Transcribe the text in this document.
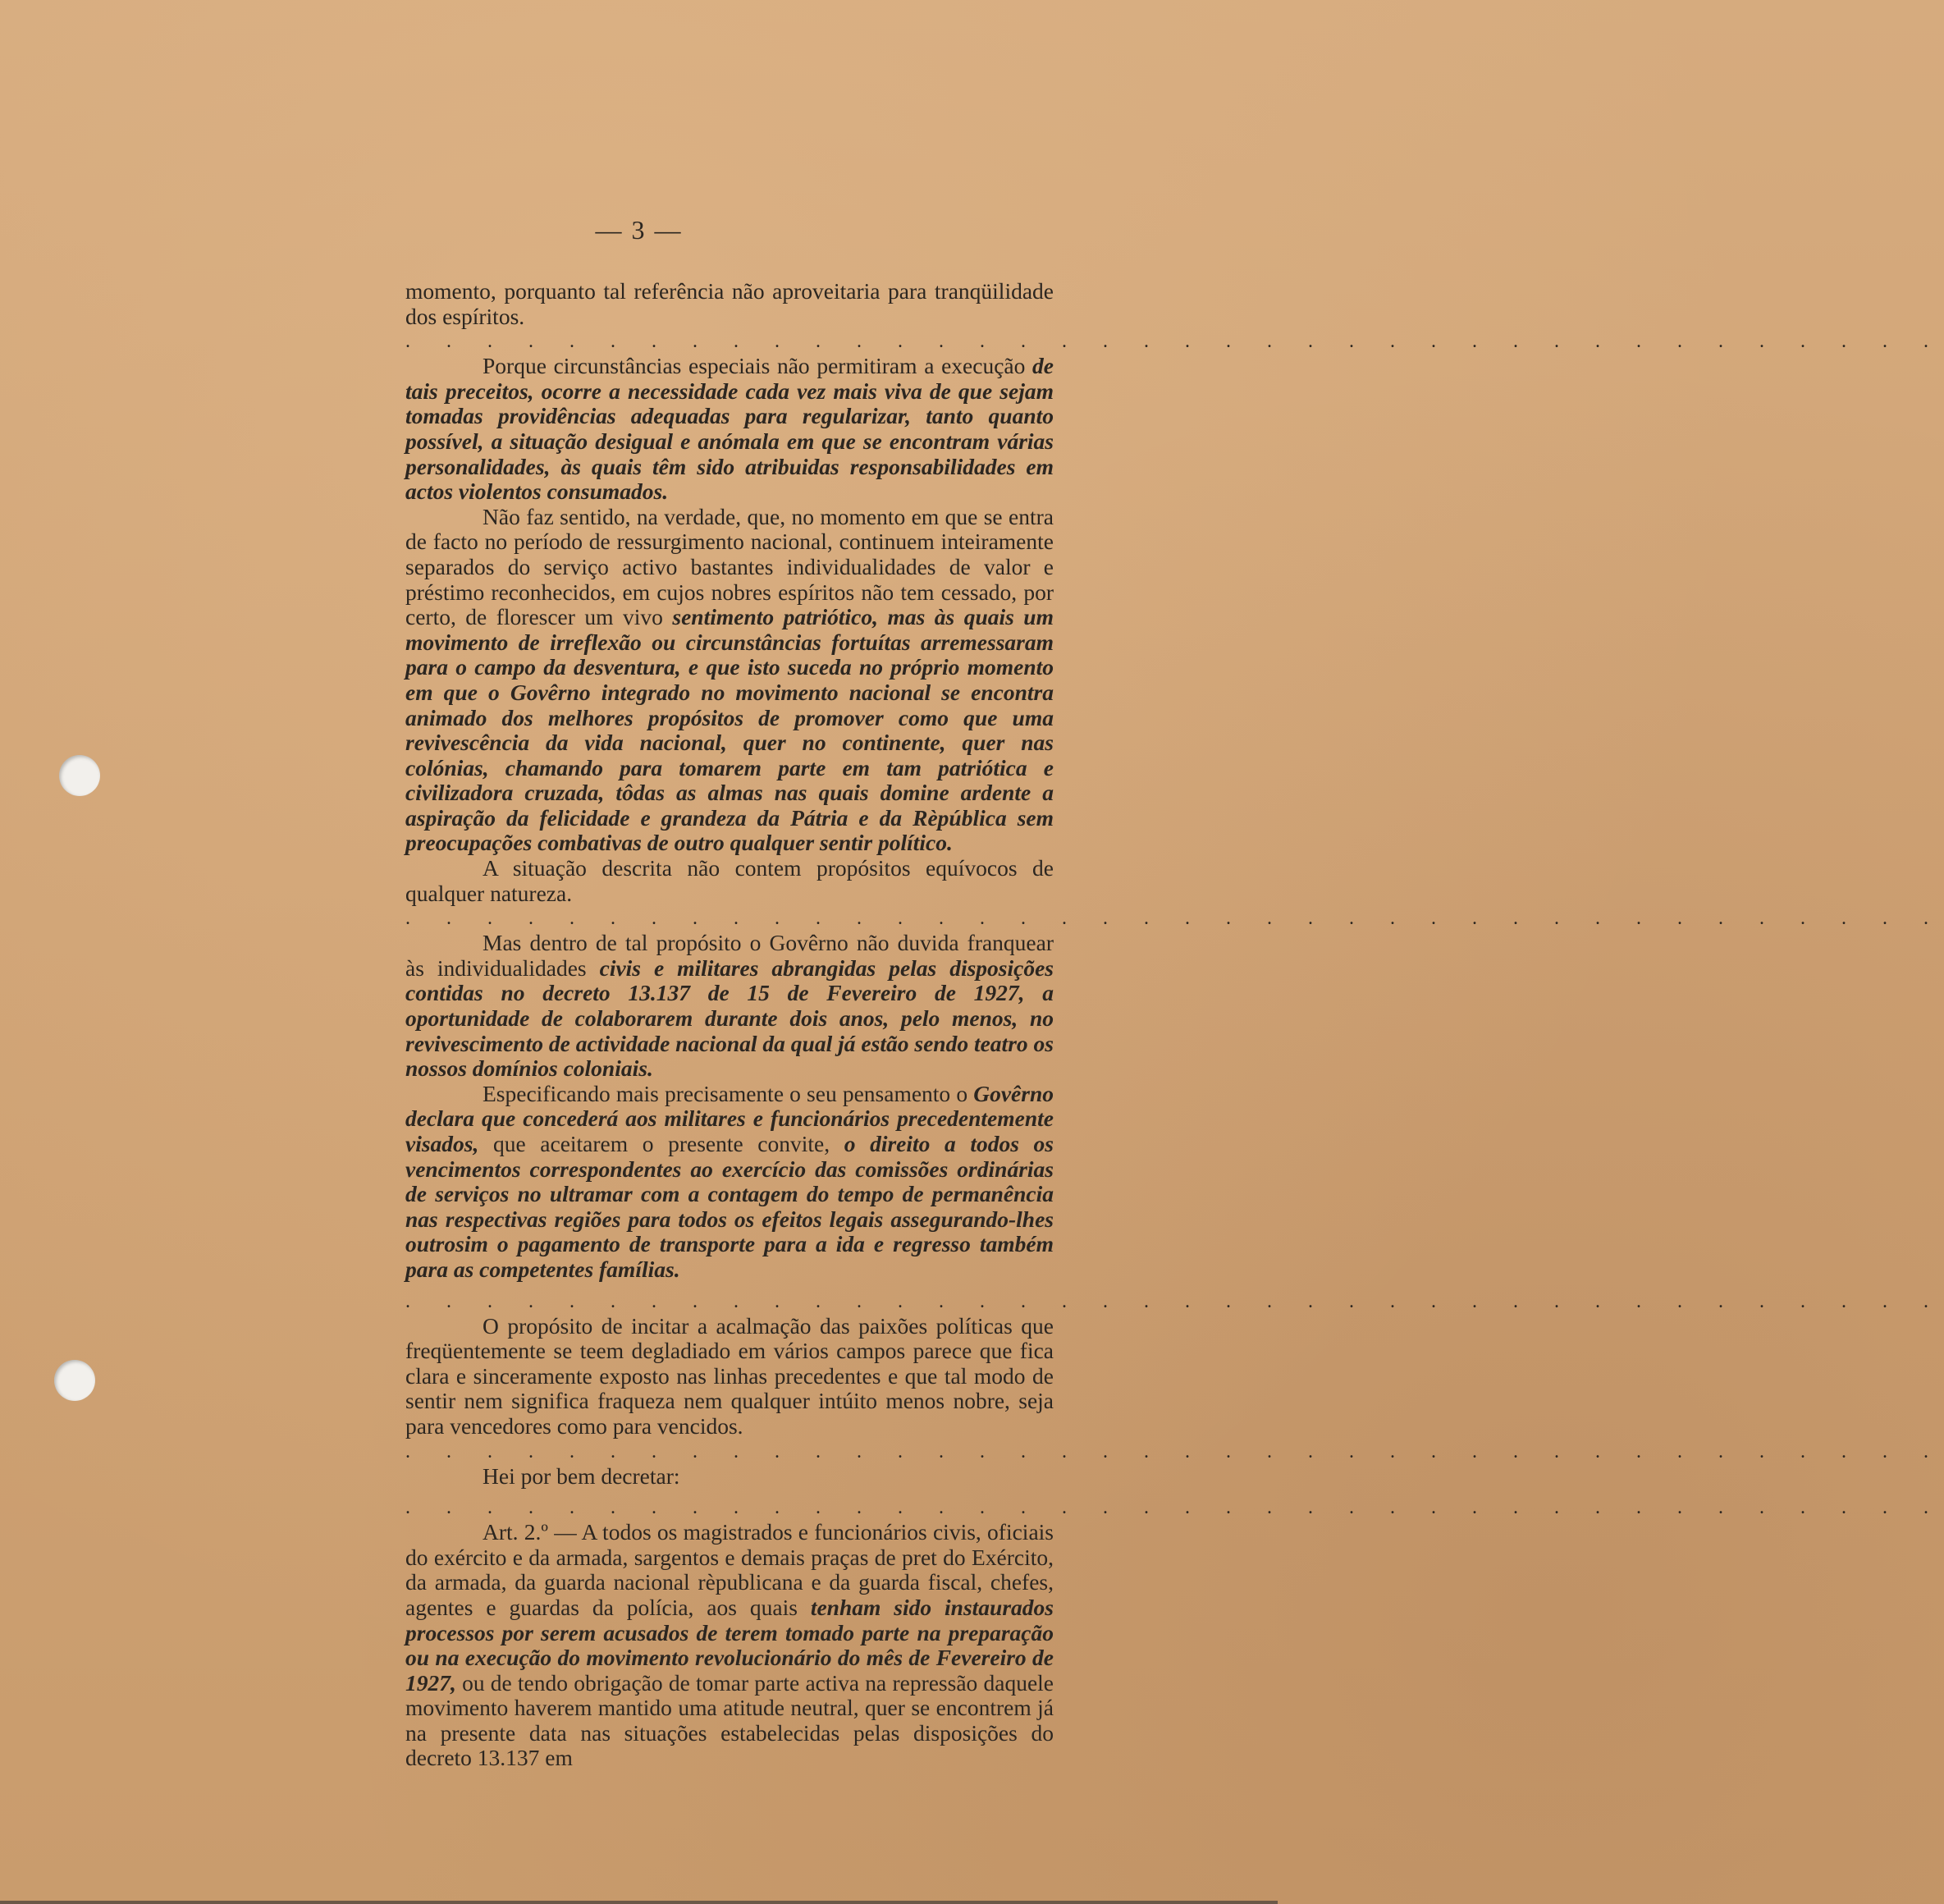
— 3 —

momento, porquanto tal referência não aproveitaria para tranqüilidade dos espíritos.

. . . . . . . . . . . . . . . . . . . . . . . . . . . . . . . . . . . . . .

Porque circunstâncias especiais não permitiram a execução de tais preceitos, ocorre a necessidade cada vez mais viva de que sejam tomadas providências adequadas para regularizar, tanto quanto possível, a situação desigual e anómala em que se encontram várias personalidades, às quais têm sido atribuidas responsabilidades em actos violentos consumados.

Não faz sentido, na verdade, que, no momento em que se entra de facto no período de ressurgimento nacional, continuem inteiramente separados do serviço activo bastantes individualidades de valor e préstimo reconhecidos, em cujos nobres espíritos não tem cessado, por certo, de florescer um vivo sentimento patriótico, mas às quais um movimento de irreflexão ou circunstâncias fortuítas arremessaram para o campo da desventura, e que isto suceda no próprio momento em que o Govêrno integrado no movimento nacional se encontra animado dos melhores propósitos de promover como que uma revivescência da vida nacional, quer no continente, quer nas colónias, chamando para tomarem parte em tam patriótica e civilizadora cruzada, tôdas as almas nas quais domine ardente a aspiração da felicidade e grandeza da Pátria e da Rèpública sem preocupações combativas de outro qualquer sentir político.

A situação descrita não contem propósitos equívocos de qualquer natureza.

. . . . . . . . . . . . . . . . . . . . . . . . . . . . . . . . . . . . . .

Mas dentro de tal propósito o Govêrno não duvida franquear às individualidades civis e militares abrangidas pelas disposições contidas no decreto 13.137 de 15 de Fevereiro de 1927, a oportunidade de colaborarem durante dois anos, pelo menos, no revivescimento de actividade nacional da qual já estão sendo teatro os nossos domínios coloniais.

Especificando mais precisamente o seu pensamento o Govêrno declara que concederá aos militares e funcionários precedentemente visados, que aceitarem o presente convite, o direito a todos os vencimentos correspondentes ao exercício das comissões ordinárias de serviços no ultramar com a contagem do tempo de permanência nas respectivas regiões para todos os efeitos legais assegurando-lhes outrosim o pagamento de transporte para a ida e regresso também para as competentes famílias.

. . . . . . . . . . . . . . . . . . . . . . . . . . . . . . . . . . . . . .

O propósito de incitar a acalmação das paixões políticas que freqüentemente se teem degladiado em vários campos parece que fica clara e sinceramente exposto nas linhas precedentes e que tal modo de sentir nem significa fraqueza nem qualquer intúito menos nobre, seja para vencedores como para vencidos.

. . . . . . . . . . . . . . . . . . . . . . . . . . . . . . . . . . . . . .

Hei por bem decretar:

. . . . . . . . . . . . . . . . . . . . . . . . . . . . . . . . . . . . . .

Art. 2.º — A todos os magistrados e funcionários civis, oficiais do exército e da armada, sargentos e demais praças de pret do Exército, da armada, da guarda nacional rèpublicana e da guarda fiscal, chefes, agentes e guardas da polícia, aos quais tenham sido instaurados processos por serem acusados de terem tomado parte na preparação ou na execução do movimento revolucionário do mês de Fevereiro de 1927, ou de tendo obrigação de tomar parte activa na repressão daquele movimento haverem mantido uma atitude neutral, quer se encontrem já na presente data nas situações estabelecidas pelas disposições do decreto 13.137 em
